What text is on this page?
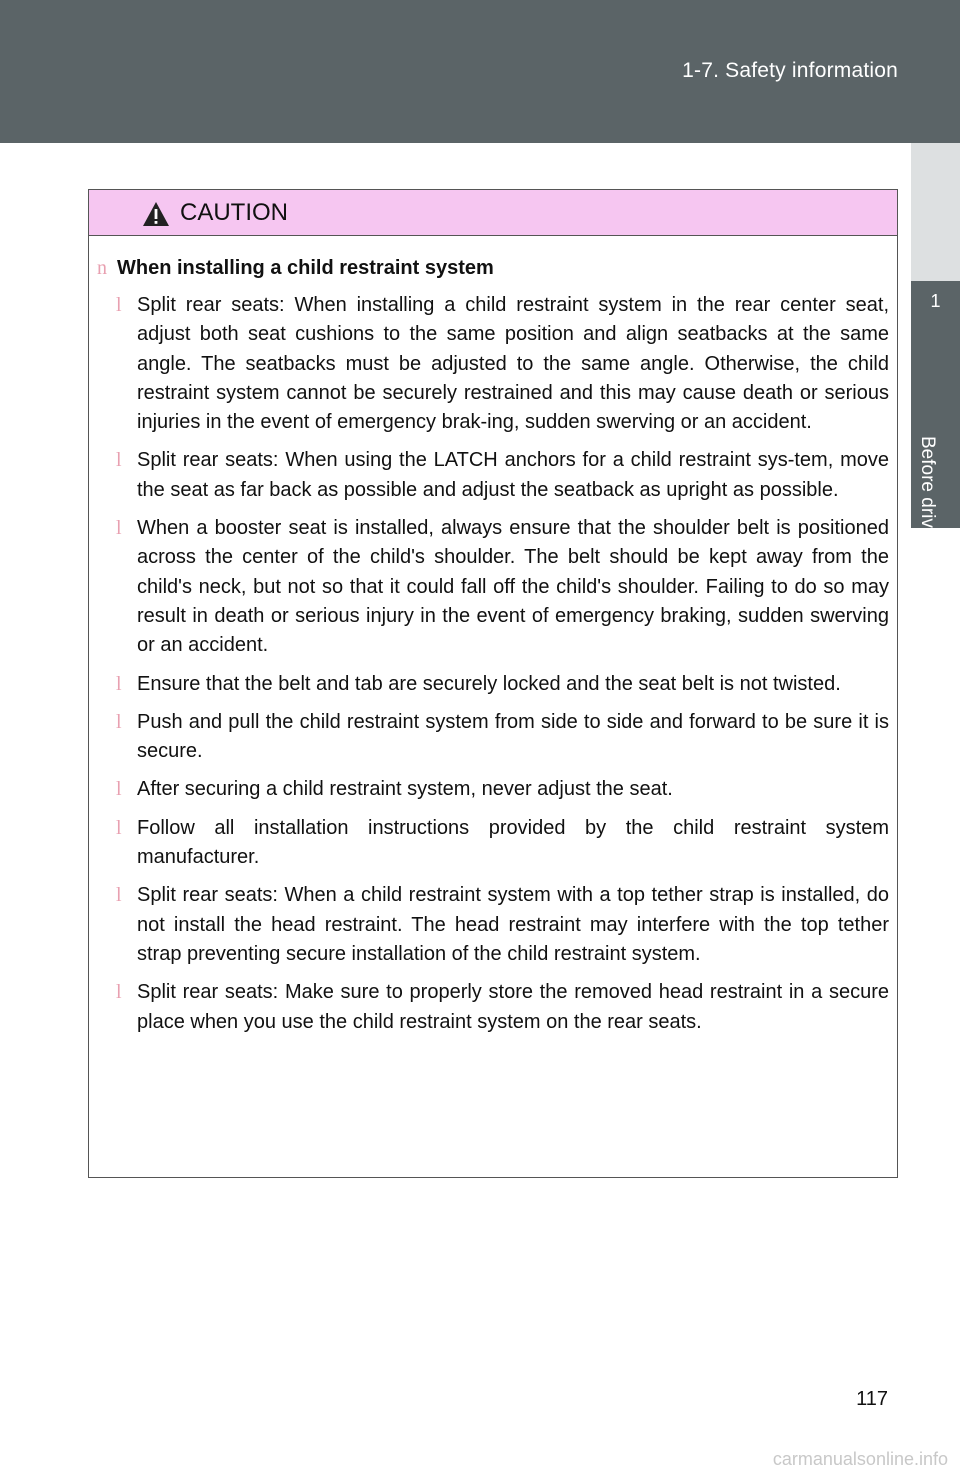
1-7. Safety information
1
Before driving
CAUTION
n When installing a child restraint system
l Split rear seats: When installing a child restraint system in the rear center seat, adjust both seat cushions to the same position and align seatbacks at the same angle. The seatbacks must be adjusted to the same angle. Otherwise, the child restraint system cannot be securely restrained and this may cause death or serious injuries in the event of emergency brak-ing, sudden swerving or an accident.
l Split rear seats: When using the LATCH anchors for a child restraint sys-tem, move the seat as far back as possible and adjust the seatback as upright as possible.
l When a booster seat is installed, always ensure that the shoulder belt is positioned across the center of the child's shoulder. The belt should be kept away from the child's neck, but not so that it could fall off the child's shoulder. Failing to do so may result in death or serious injury in the event of emergency braking, sudden swerving or an accident.
l Ensure that the belt and tab are securely locked and the seat belt is not twisted.
l Push and pull the child restraint system from side to side and forward to be sure it is secure.
l After securing a child restraint system, never adjust the seat.
l Follow all installation instructions provided by the child restraint system manufacturer.
l Split rear seats: When a child restraint system with a top tether strap is installed, do not install the head restraint. The head restraint may interfere with the top tether strap preventing secure installation of the child restraint system.
l Split rear seats: Make sure to properly store the removed head restraint in a secure place when you use the child restraint system on the rear seats.
117
carmanualsonline.info
